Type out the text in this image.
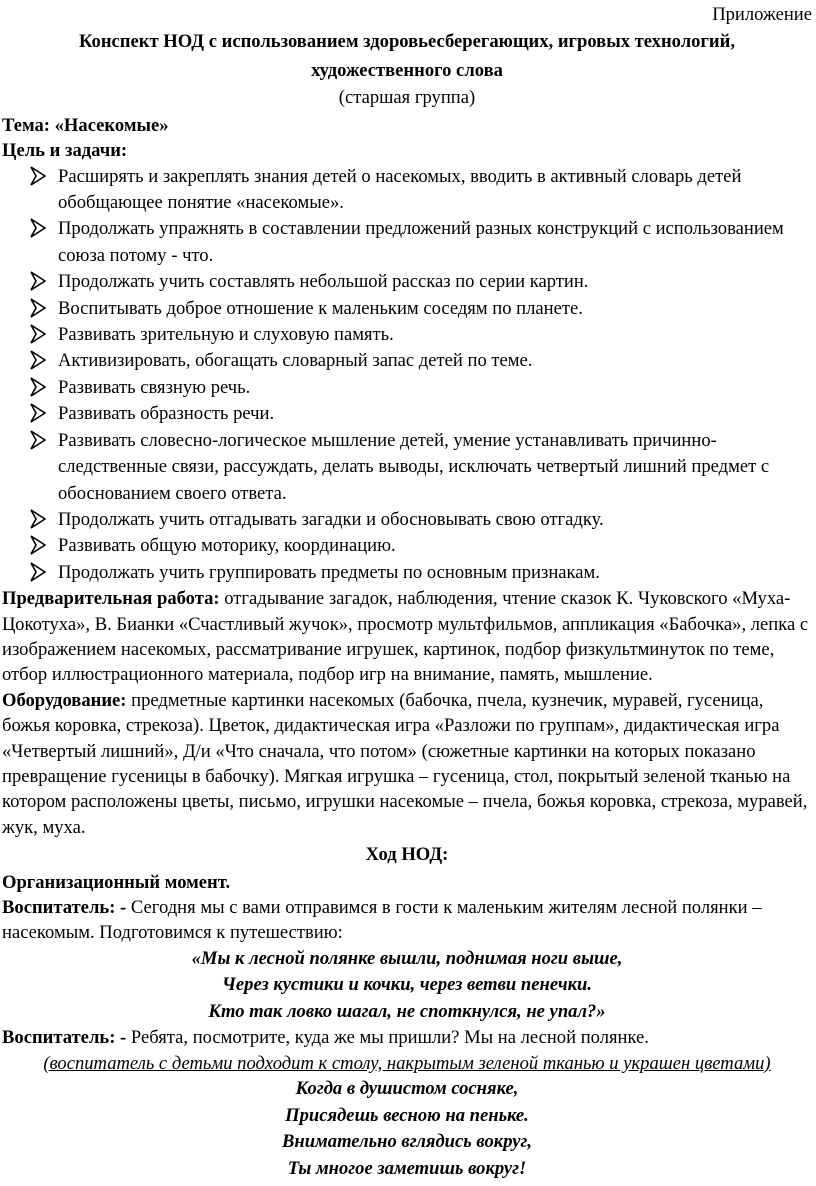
Приложение

Конспект НОД с использованием здоровьесберегающих, игровых технологий,

художественного слова

(старшая группа)

Тема: «Насекомые»

Цель и задачи:

Расширять и закреплять знания детей о насекомых, вводить в активный словарь детей обобщающее понятие «насекомые».
Продолжать упражнять в составлении предложений разных конструкций с использованием союза потому - что.
Продолжать учить составлять небольшой рассказ по серии картин.
Воспитывать доброе отношение к маленьким соседям по планете.
Развивать зрительную и слуховую память.
Активизировать, обогащать словарный запас детей по теме.
Развивать связную речь.
Развивать образность речи.
Развивать словесно-логическое мышление детей, умение устанавливать причинно-следственные связи, рассуждать, делать выводы, исключать четвертый лишний предмет с обоснованием своего ответа.
Продолжать учить отгадывать загадки и обосновывать свою отгадку.
Развивать общую моторику, координацию.
Продолжать учить группировать предметы по основным признакам.

Предварительная работа: отгадывание загадок, наблюдения, чтение сказок К. Чуковского «Муха-Цокотуха», В. Бианки «Счастливый жучок», просмотр мультфильмов, аппликация «Бабочка», лепка с изображением насекомых, рассматривание игрушек, картинок, подбор физкультминуток по теме, отбор иллюстрационного материала, подбор игр на внимание, память, мышление.

Оборудование: предметные картинки насекомых (бабочка, пчела, кузнечик, муравей, гусеница, божья коровка, стрекоза). Цветок, дидактическая игра «Разложи по группам», дидактическая игра «Четвертый лишний», Д/и «Что сначала, что потом» (сюжетные картинки на которых показано превращение гусеницы в бабочку). Мягкая игрушка – гусеница, стол, покрытый зеленой тканью на котором расположены цветы, письмо, игрушки насекомые – пчела, божья коровка, стрекоза, муравей, жук, муха.

Ход НОД:

Организационный момент.

Воспитатель: - Сегодня мы с вами отправимся в гости к маленьким жителям лесной полянки – насекомым. Подготовимся к путешествию:

«Мы к лесной полянке вышли, поднимая ноги выше,

Через кустики и кочки, через ветви пенечки.

Кто так ловко шагал, не споткнулся, не упал?»

Воспитатель: - Ребята, посмотрите, куда же мы пришли? Мы на лесной полянке.

(воспитатель с детьми подходит к столу, накрытым зеленой тканью и украшен цветами)

Когда в душистом сосняке,

Присядешь весною на пеньке.

Внимательно вглядись вокруг,

Ты многое заметишь вокруг!
